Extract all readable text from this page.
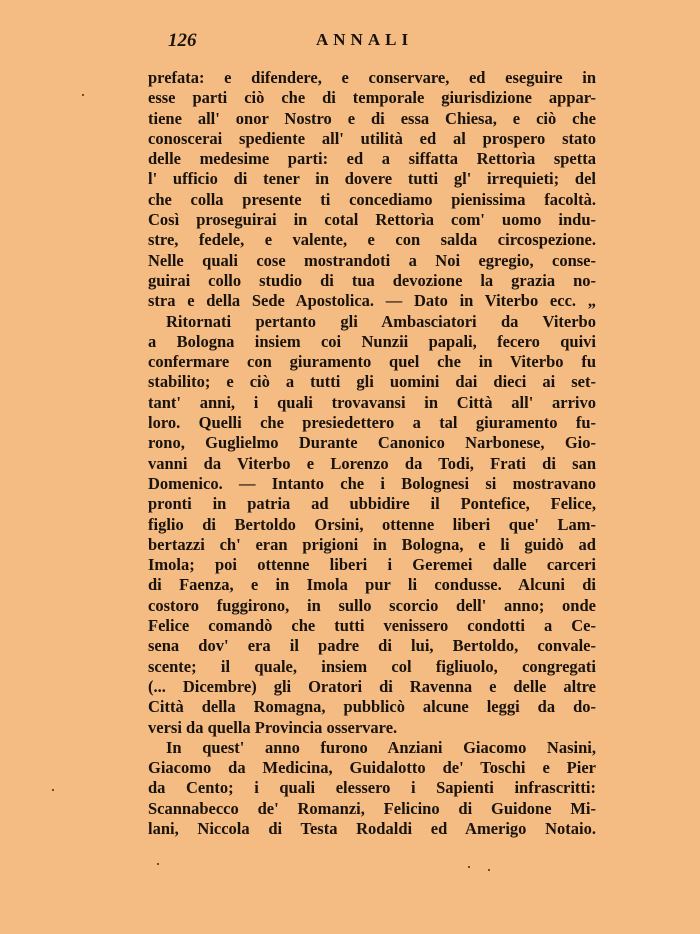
126	ANNALI
prefata: e difendere, e conservare, ed eseguire in
esse parti ciò che di temporale giurisdizione appar-
tiene all' onor Nostro e di essa Chiesa, e ciò che
conoscerai spediente all' utilità ed al prospero stato
delle medesime parti: ed a siffatta Rettorìa spetta
l' ufficio di tener in dovere tutti gl' irrequieti; del
che colla presente ti concediamo pienissima facoltà.
Così proseguirai in cotal Rettorìa com' uomo indu-
stre, fedele, e valente, e con salda circospezione.
Nelle quali cose mostrandoti a Noi egregio, conse-
guirai collo studio di tua devozione la grazia no-
stra e della Sede Apostolica. — Dato in Viterbo ecc. „
Ritornati pertanto gli Ambasciatori da Viterbo
a Bologna insiem coi Nunzii papali, fecero quivi
confermare con giuramento quel che in Viterbo fu
stabilito; e ciò a tutti gli uomini dai dieci ai set-
tant' anni, i quali trovavansi in Città all' arrivo
loro. Quelli che presiedettero a tal giuramento fu-
rono, Guglielmo Durante Canonico Narbonese, Gio-
vanni da Viterbo e Lorenzo da Todi, Frati di san
Domenico. — Intanto che i Bolognesi si mostravano
pronti in patria ad ubbidire il Pontefice, Felice,
figlio di Bertoldo Orsini, ottenne liberi que' Lam-
bertazzi ch' eran prigioni in Bologna, e li guidò ad
Imola; poi ottenne liberi i Geremei dalle carceri
di Faenza, e in Imola pur li condusse. Alcuni di
costoro fuggirono, in sullo scorcio dell' anno; onde
Felice comandò che tutti venissero condotti a Ce-
sena dov' era il padre di lui, Bertoldo, convale-
scente; il quale, insiem col figliuolo, congregati
(... Dicembre) gli Oratori di Ravenna e delle altre
Città della Romagna, pubblicò alcune leggi da do-
versi da quella Provincia osservare.
In quest' anno furono Anziani Giacomo Nasini,
Giacomo da Medicina, Guidalotto de' Toschi e Pier
da Cento; i quali elessero i Sapienti infrascritti:
Scannabecco de' Romanzi, Felicino di Guidone Mi-
lani, Niccola di Testa Rodaldi ed Amerigo Notaio.
